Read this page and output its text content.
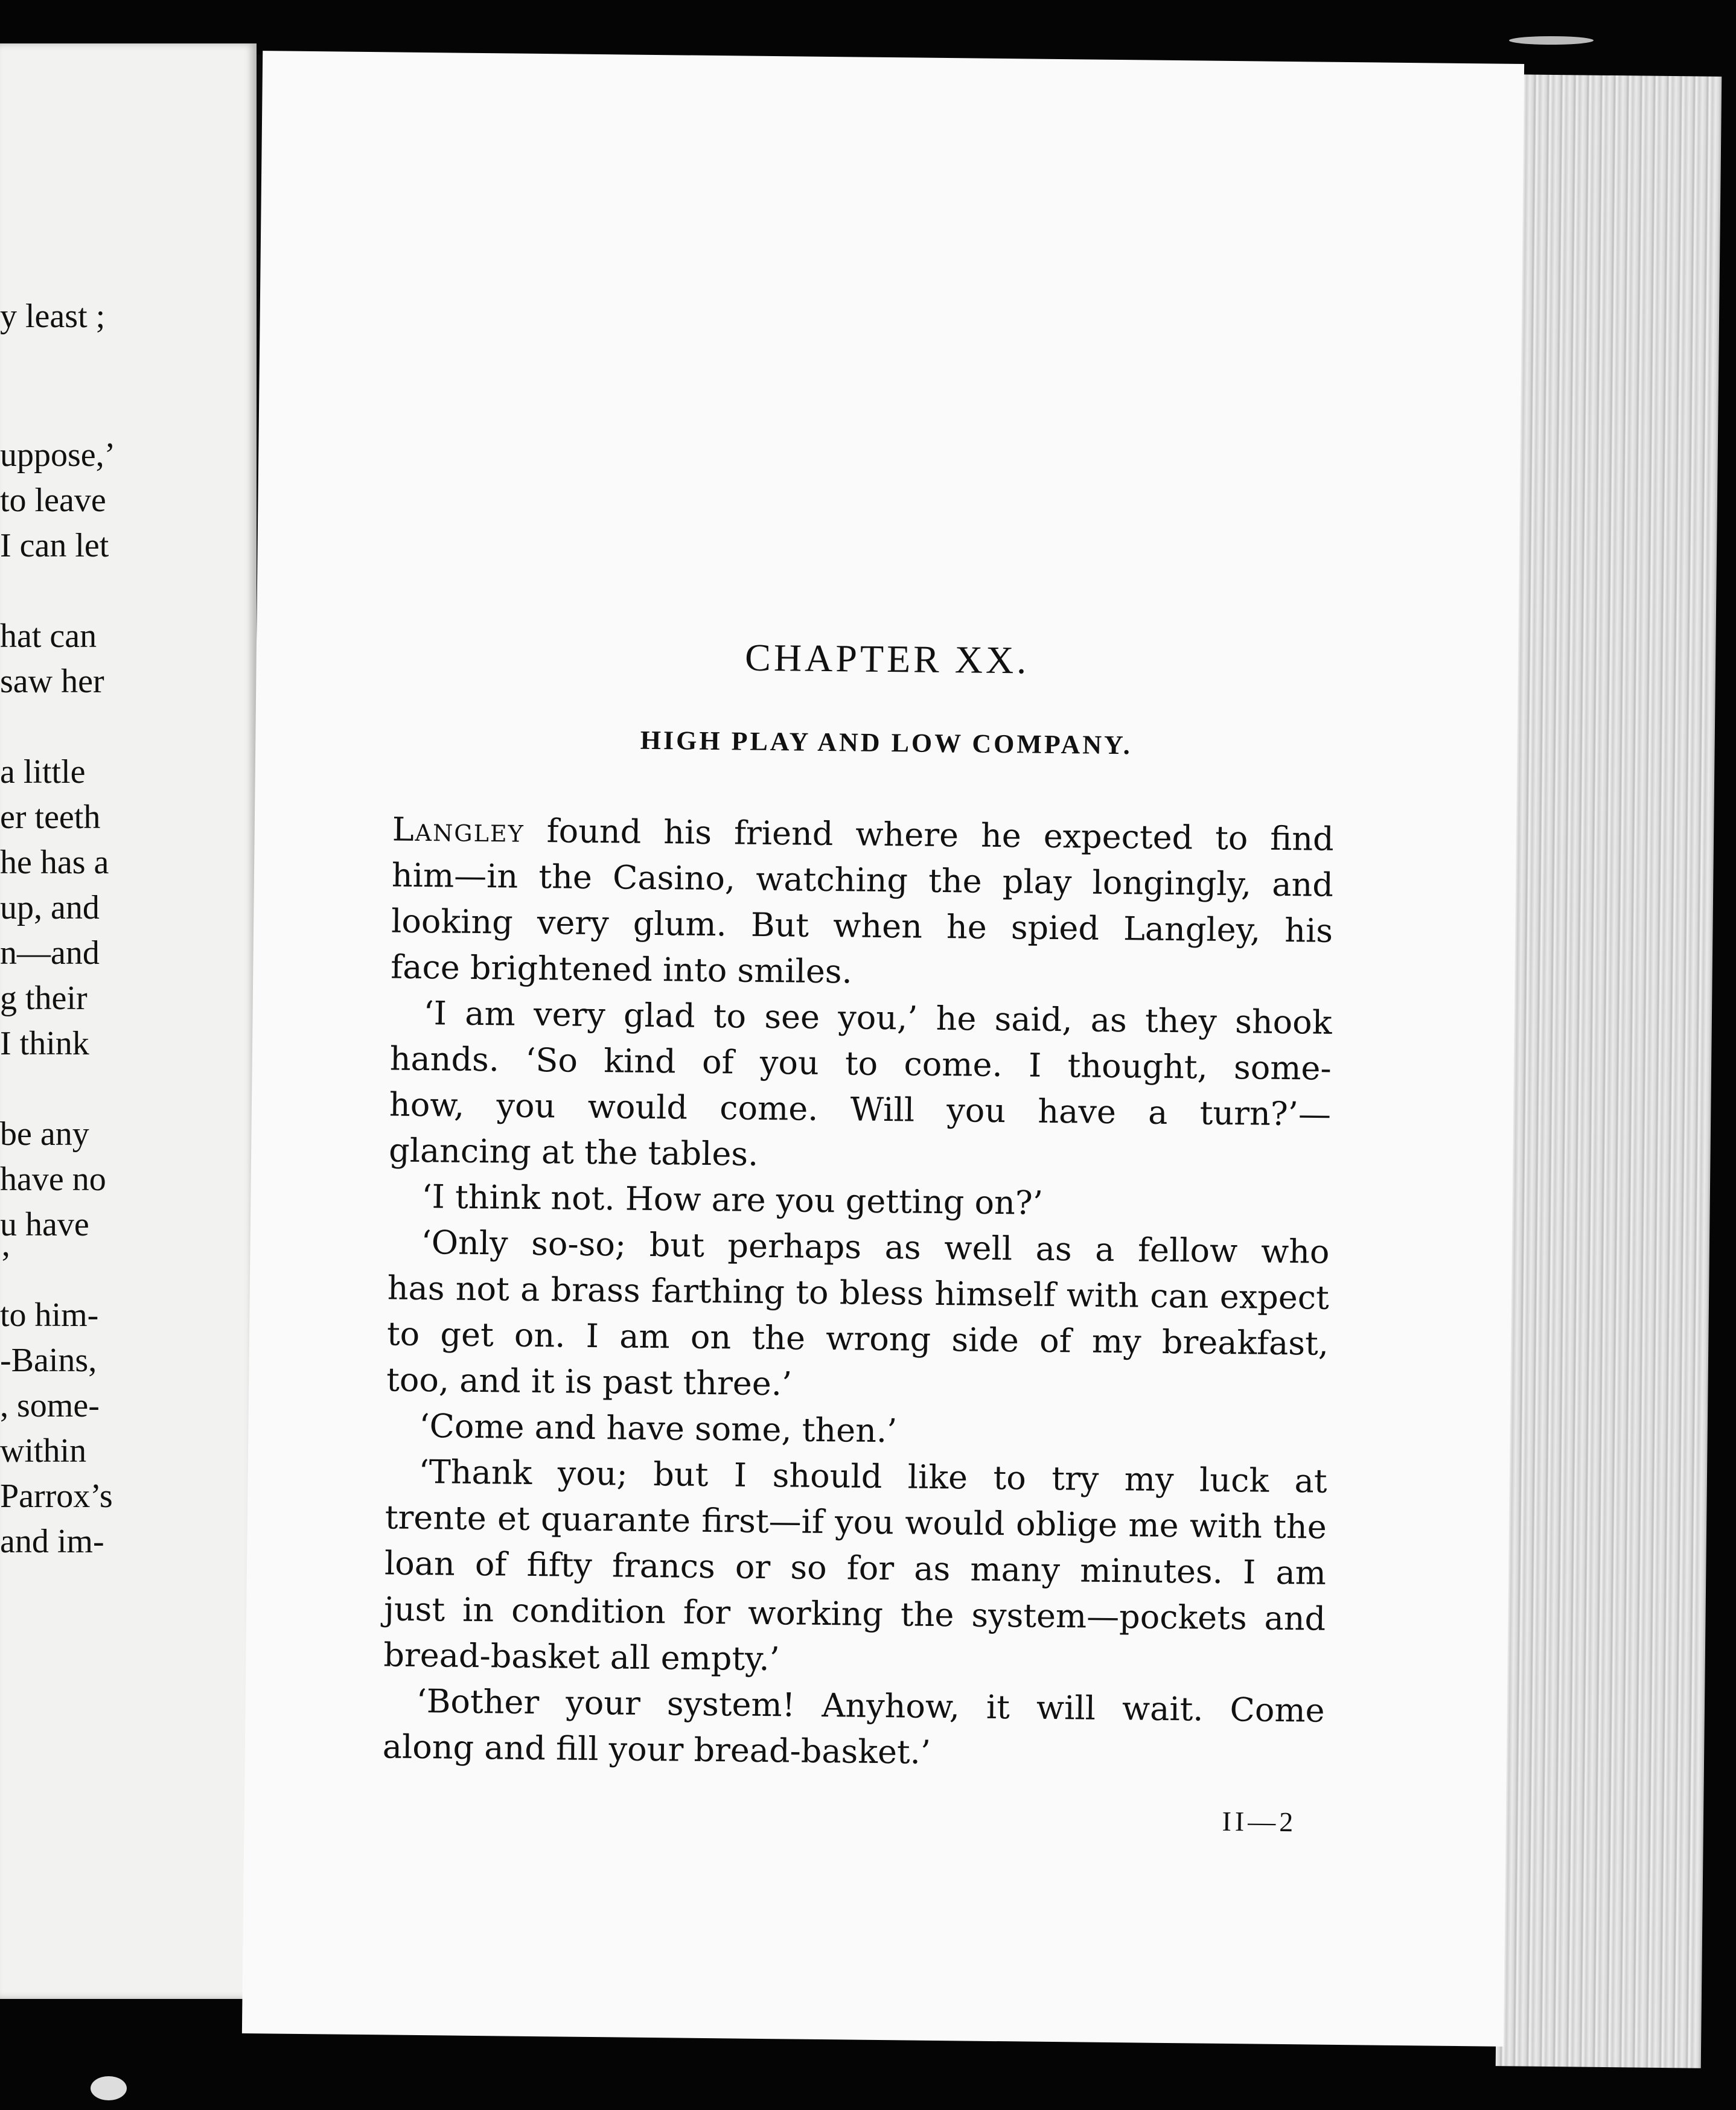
y least ;
uppose,’
to leave
I can let
hat can
saw her
a little
er teeth
he has a
up, and
n—and
g their
I think
be any
have no
u have
’
to him-
-Bains,
, some-
within
Parrox’s
and im-
CHAPTER XX.
HIGH PLAY AND LOW COMPANY.
Langley found his friend where he expected to find
him—in the Casino, watching the play longingly, and
looking very glum. But when he spied Langley, his
face brightened into smiles.
‘I am very glad to see you,’ he said, as they shook
hands. ‘So kind of you to come. I thought, some-
how, you would come. Will you have a turn?’—
glancing at the tables.
‘I think not. How are you getting on?’
‘Only so-so; but perhaps as well as a fellow who
has not a brass farthing to bless himself with can expect
to get on. I am on the wrong side of my breakfast,
too, and it is past three.’
‘Come and have some, then.’
‘Thank you; but I should like to try my luck at
trente et quarante first—if you would oblige me with the
loan of fifty francs or so for as many minutes. I am
just in condition for working the system—pockets and
bread-basket all empty.’
‘Bother your system! Anyhow, it will wait. Come
along and fill your bread-basket.’
II—2
